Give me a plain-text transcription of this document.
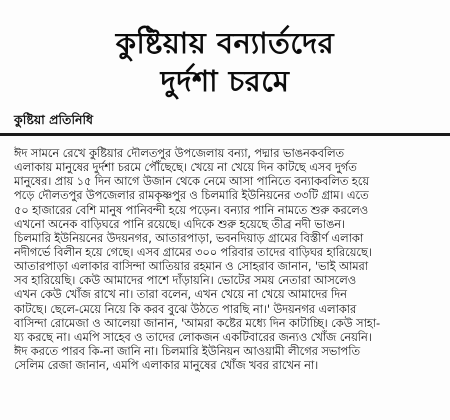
কুষ্টিয়ায় বন্যার্তদের
দুর্দশা চরমে
কুষ্টিয়া প্রতিনিধি
ঈদ সামনে রেখে কুষ্টিয়ার দৌলতপুর উপজেলায় বন্যা, পদ্মার ভাঙনকবলিত
এলাকায় মানুষের দুর্দশা চরমে পৌঁছেছে। খেয়ে না খেয়ে দিন কাটছে এসব দুর্গত
মানুষের। প্রায় ১৫ দিন আগে উজান থেকে নেমে আসা পানিতে বন্যাকবলিত হয়ে
পড়ে দৌলতপুর উপজেলার রামকৃষ্ণপুর ও চিলমারি ইউনিয়নের ৩৩টি গ্রাম। এতে
৫০ হাজারের বেশি মানুষ পানিবন্দী হয়ে পড়েন। বন্যার পানি নামতে শুরু করলেও
এখনো অনেক বাড়িঘরে পানি রয়েছে। এদিকে শুরু হয়েছে তীব্র নদী ভাঙন।
চিলমারি ইউনিয়নের উদয়নগর, আতারপাড়া, ভবনদিয়াড় গ্রামের বিস্তীর্ণ এলাকা
নদীগর্ভে বিলীন হয়ে গেছে। এসব গ্রামের ৩০০ পরিবার তাদের বাড়িঘর হারিয়েছে।
আতারপাড়া এলাকার বাসিন্দা আতিয়ার রহমান ও সোহরাব জানান, 'ভাই আমরা
সব হারিয়েছি। কেউ আমাদের পাশে দাঁড়ায়নি। ভোটের সময় নেতারা আসলেও
এখন কেউ খোঁজ রাখে না। তারা বলেন, এখন খেয়ে না খেয়ে আমাদের দিন
কাটছে। ছেলে-মেয়ে নিয়ে কি করব বুঝে উঠতে পারছি না।' উদয়নগর এলাকার
বাসিন্দা রোমেজা ও আলেয়া জানান, 'আমরা কষ্টের মধ্যে দিন কাটাচ্ছি। কেউ সাহা-
য্য করছে না। এমপি সাহেব ও তাদের লোকজন একটিবারের জন্যও খোঁজ নেয়নি।
ঈদ করতে পারব কি-না জানি না। চিলমারি ইউনিয়ন আওয়ামী লীগের সভাপতি
সেলিম রেজা জানান, এমপি এলাকার মানুষের খোঁজ খবর রাখেন না।
